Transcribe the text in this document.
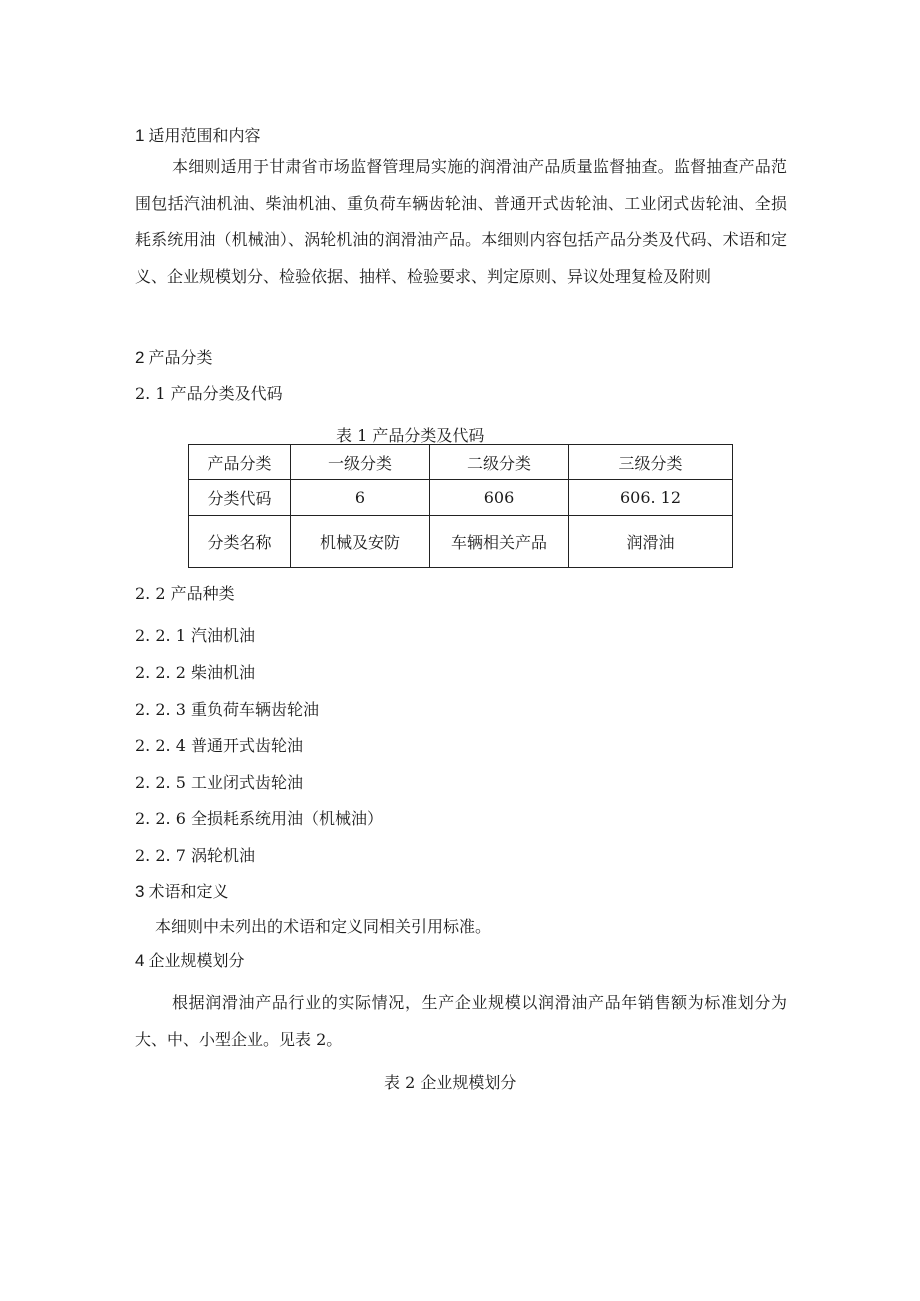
1 适用范围和内容

本细则适用于甘肃省市场监督管理局实施的润滑油产品质量监督抽查。监督抽查产品范围包括汽油机油、柴油机油、重负荷车辆齿轮油、普通开式齿轮油、工业闭式齿轮油、全损耗系统用油（机械油）、涡轮机油的润滑油产品。本细则内容包括产品分类及代码、术语和定义、企业规模划分、检验依据、抽样、检验要求、判定原则、异议处理复检及附则

2 产品分类
2. 1 产品分类及代码
表 1 产品分类及代码
产品分类	一级分类	二级分类	三级分类
分类代码	6	606	606. 12
分类名称	机械及安防	车辆相关产品	润滑油
2. 2 产品种类
2. 2. 1 汽油机油
2. 2. 2 柴油机油
2. 2. 3 重负荷车辆齿轮油
2. 2. 4 普通开式齿轮油
2. 2. 5 工业闭式齿轮油
2. 2. 6 全损耗系统用油（机械油）
2. 2. 7 涡轮机油
3 术语和定义
本细则中未列出的术语和定义同相关引用标准。
4 企业规模划分

根据润滑油产品行业的实际情况，生产企业规模以润滑油产品年销售额为标准划分为大、中、小型企业。见表 2。

表 2 企业规模划分
